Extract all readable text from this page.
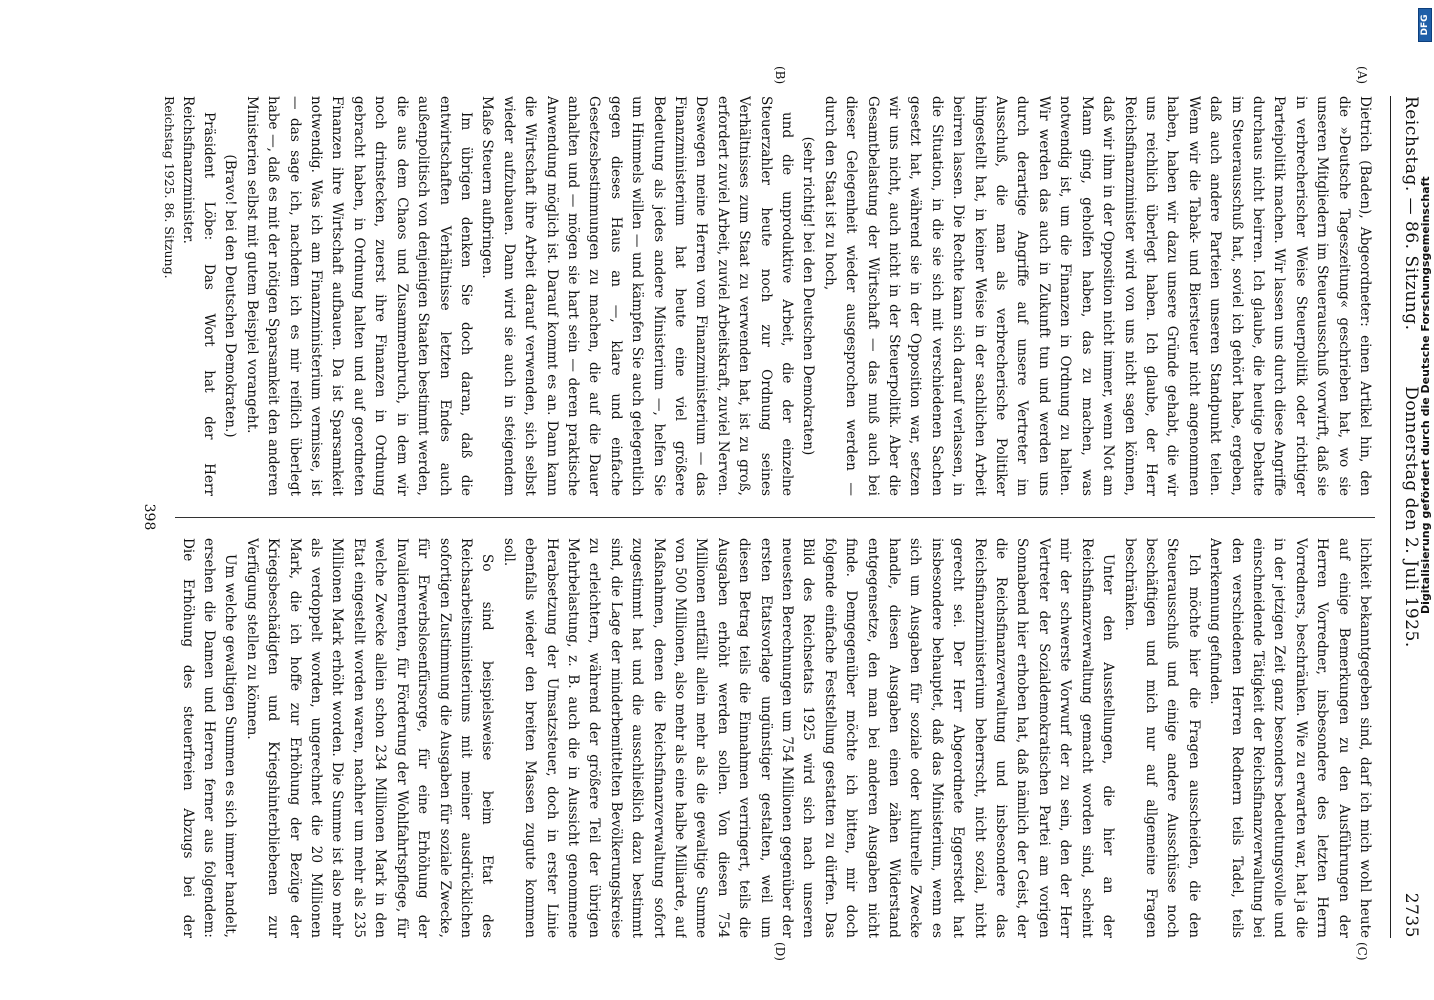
Reichstag. — 86. Sitzung.
Donnerstag den 2. Juli 1925.
2735
(A)
(B)
(C)
(D)

Dietrich (Baden), Abgeordneter: einen Artikel hin, den die »Deutsche Tageszeitung« geschrieben hat, wo sie unseren Mitgliedern im Steuerausschuß vorwirft, daß sie in verbrecherischer Weise Steuerpolitik oder richtiger Parteipolitik machen. Wir lassen uns durch diese Angriffe durchaus nicht beirren. Ich glaube, die heutige Debatte im Steuerausschuß hat, soviel ich gehört habe, ergeben, daß auch andere Parteien unseren Standpunkt teilen. Wenn wir die Tabak- und Biersteuer nicht angenommen haben, haben wir dazu unsere Gründe gehabt, die wir uns reichlich überlegt haben. Ich glaube, der Herr Reichsfinanzminister wird von uns nicht sagen können, daß wir ihm in der Opposition nicht immer, wenn Not am Mann ging, geholfen haben, das zu machen, was notwendig ist, um die Finanzen in Ordnung zu halten. Wir werden das auch in Zukunft tun und werden uns durch derartige Angriffe auf unsere Vertreter im Ausschuß, die man als verbrecherische Politiker hingestellt hat, in keiner Weise in der sachlichen Arbeit beirren lassen. Die Rechte kann sich darauf verlassen, in die Situation, in die sie sich mit verschiedenen Sachen gesetzt hat, während sie in der Opposition war, setzen wir uns nicht, auch nicht in der Steuerpolitik. Aber die Gesamtbelastung der Wirtschaft — das muß auch bei dieser Gelegenheit wieder ausgesprochen werden — durch den Staat ist zu hoch,

(sehr richtig! bei den Deutschen Demokraten)

und die unproduktive Arbeit, die der einzelne Steuerzahler heute noch zur Ordnung seines Verhältnisses zum Staat zu verwenden hat, ist zu groß, erfordert zuviel Arbeit, zuviel Arbeitskraft, zuviel Nerven. Deswegen meine Herren vom Finanzministerium — das Finanzministerium hat heute eine viel größere Bedeutung als jedes andere Ministerium —, helfen Sie um Himmels willen — und kämpfen Sie auch gelegentlich gegen dieses Haus an —, klare und einfache Gesetzesbestimmungen zu machen, die auf die Dauer anhalten und — mögen sie hart sein — deren praktische Anwendung möglich ist. Darauf kommt es an. Dann kann die Wirtschaft ihre Arbeit darauf verwenden, sich selbst wieder aufzubauen. Dann wird sie auch in steigendem Maße Steuern aufbringen.

Im übrigen denken Sie doch daran, daß die entwirtschaften Verhältnisse letzten Endes auch außenpolitisch von denjenigen Staaten bestimmt werden, die aus dem Chaos und Zusammenbruch, in dem wir noch drinstecken, zuerst ihre Finanzen in Ordnung gebracht haben, in Ordnung halten und auf geordneten Finanzen ihre Wirtschaft aufbauen. Da ist Sparsamkeit notwendig. Was ich am Finanzministerium vermisse, ist — das sage ich, nachdem ich es mir reiflich überlegt habe —, daß es mit der nötigen Sparsamkeit den anderen Ministerien selbst mit gutem Beispiel vorangeht.

(Bravo! bei den Deutschen Demokraten.)

Präsident Löbe: Das Wort hat der Herr Reichsfinanzminister.

lichkeit bekanntgegeben sind, darf ich mich wohl heute auf einige Bemerkungen zu den Ausführungen der Herren Vorredner, insbesondere des letzten Herrn Vorredners, beschränken. Wie zu erwarten war, hat ja die in der jetzigen Zeit ganz besonders bedeutungsvolle und einschneidende Tätigkeit der Reichsfinanzverwaltung bei den verschiedenen Herren Rednern teils Tadel, teils Anerkennung gefunden.

Ich möchte hier die Fragen ausscheiden, die den Steuerausschuß und einige andere Ausschüsse noch beschäftigen und mich nur auf allgemeine Fragen beschränken.

Unter den Ausstellungen, die hier an der Reichsfinanzverwaltung gemacht worden sind, scheint mir der schwerste Vorwurf der zu sein, den der Herr Vertreter der Sozialdemokratischen Partei am vorigen Sonnabend hier erhoben hat, daß nämlich der Geist, der die Reichsfinanzverwaltung und insbesondere das Reichsfinanzministerium beherrscht, nicht sozial, nicht gerecht sei. Der Herr Abgeordnete Eggerstedt hat insbesondere behauptet, daß das Ministerium, wenn es sich um Ausgaben für soziale oder kulturelle Zwecke handle, diesen Ausgaben einen zähen Widerstand entgegensetze, den man bei anderen Ausgaben nicht finde. Demgegenüber möchte ich bitten, mir doch folgende einfache Feststellung gestatten zu dürfen. Das Bild des Reichsetats 1925 wird sich nach unseren neuesten Berechnungen um 754 Millionen gegenüber der ersten Etatsvorlage ungünstiger gestalten, weil um diesen Betrag teils die Einnahmen verringert, teils die Ausgaben erhöht werden sollen. Von diesen 754 Millionen entfällt allein mehr als die gewaltige Summe von 500 Millionen, also mehr als eine halbe Milliarde, auf Maßnahmen, denen die Reichsfinanzverwaltung sofort zugestimmt hat und die ausschließlich dazu bestimmt sind, die Lage der minderbemittelten Bevölkerungskreise zu erleichtern, während der größere Teil der übrigen Mehrbelastung, z. B. auch die in Aussicht genommene Herabsetzung der Umsatzsteuer, doch in erster Linie ebenfalls wieder den breiten Massen zugute kommen soll.

So sind beispielsweise beim Etat des Reichsarbeitsministeriums mit meiner ausdrücklichen sofortigen Zustimmung die Ausgaben für soziale Zwecke, für Erwerbslosenfürsorge, für eine Erhöhung der Invalidenrenten, für Förderung der Wohlfahrtspflege, für welche Zwecke allein schon 234 Millionen Mark in den Etat eingestellt worden waren, nachher um mehr als 235 Millionen Mark erhöht worden. Die Summe ist also mehr als verdoppelt worden, ungerechnet die 20 Millionen Mark, die ich hoffe zur Erhöhung der Bezüge der Kriegsbeschädigten und Kriegshinterbliebenen zur Verfügung stellen zu können.

Um welche gewaltigen Summen es sich immer handelt, ersehen die Damen und Herren ferner aus folgendem: Die Erhöhung des steuerfreien Abzugs bei der

Reichstag 1925. 86. Sitzung.
398
DFG
Digitalisierung gefördert durch die Deutsche Forschungsgemeinschaft
